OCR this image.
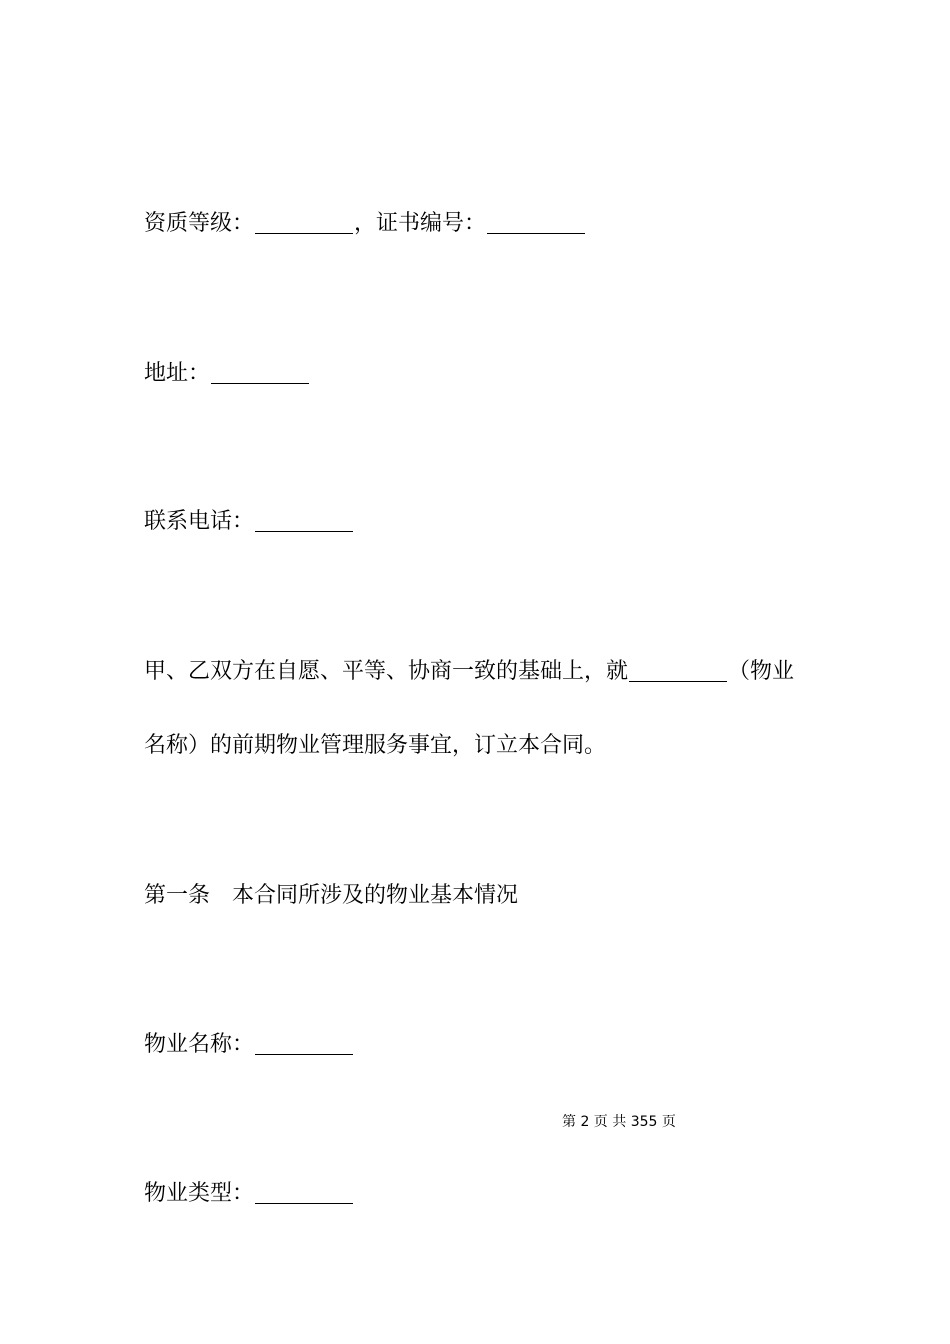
资质等级：	，证书编号：
地址：
联系电话：
甲、乙双方在自愿、平等、协商一致的基础上，就	（物业
名称）的前期物业管理服务事宜，订立本合同。
第一条　本合同所涉及的物业基本情况
物业名称：
第 2 页 共 355 页
物业类型：
